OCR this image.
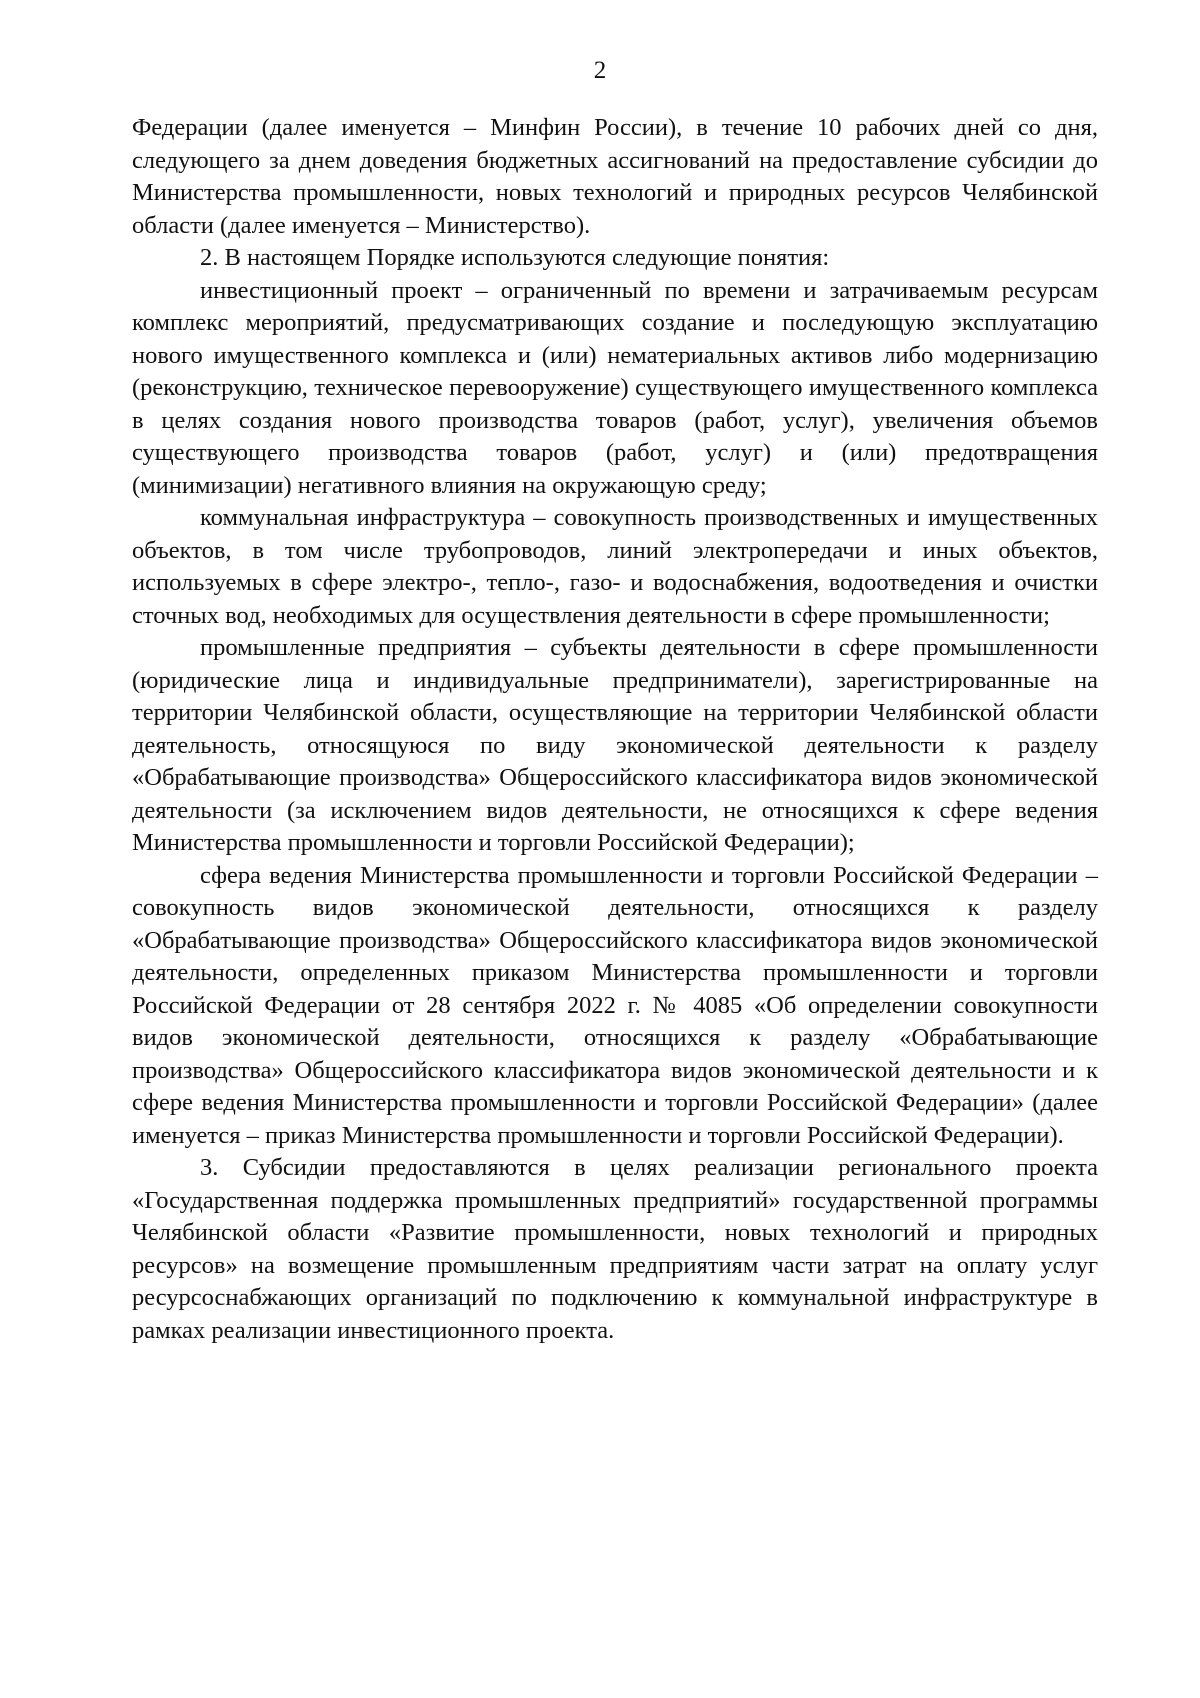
2

Федерации (далее именуется – Минфин России), в течение 10 рабочих дней со дня, следующего за днем доведения бюджетных ассигнований на предоставление субсидии до Министерства промышленности, новых технологий и природных ресурсов Челябинской области (далее именуется – Министерство).

2. В настоящем Порядке используются следующие понятия:

инвестиционный проект – ограниченный по времени и затрачиваемым ресурсам комплекс мероприятий, предусматривающих создание и последующую эксплуатацию нового имущественного комплекса и (или) нематериальных активов либо модернизацию (реконструкцию, техническое перевооружение) существующего имущественного комплекса в целях создания нового производства товаров (работ, услуг), увеличения объемов существующего производства товаров (работ, услуг) и (или) предотвращения (минимизации) негативного влияния на окружающую среду;

коммунальная инфраструктура – совокупность производственных и имущественных объектов, в том числе трубопроводов, линий электропередачи и иных объектов, используемых в сфере электро-, тепло-, газо- и водоснабжения, водоотведения и очистки сточных вод, необходимых для осуществления деятельности в сфере промышленности;

промышленные предприятия – субъекты деятельности в сфере промышленности (юридические лица и индивидуальные предприниматели), зарегистрированные на территории Челябинской области, осуществляющие на территории Челябинской области деятельность, относящуюся по виду экономической деятельности к разделу «Обрабатывающие производства» Общероссийского классификатора видов экономической деятельности (за исключением видов деятельности, не относящихся к сфере ведения Министерства промышленности и торговли Российской Федерации);

сфера ведения Министерства промышленности и торговли Российской Федерации – совокупность видов экономической деятельности, относящихся к разделу «Обрабатывающие производства» Общероссийского классификатора видов экономической деятельности, определенных приказом Министерства промышленности и торговли Российской Федерации от 28 сентября 2022 г. № 4085 «Об определении совокупности видов экономической деятельности, относящихся к разделу «Обрабатывающие производства» Общероссийского классификатора видов экономической деятельности и к сфере ведения Министерства промышленности и торговли Российской Федерации» (далее именуется – приказ Министерства промышленности и торговли Российской Федерации).

3. Субсидии предоставляются в целях реализации регионального проекта «Государственная поддержка промышленных предприятий» государственной программы Челябинской области «Развитие промышленности, новых технологий и природных ресурсов» на возмещение промышленным предприятиям части затрат на оплату услуг ресурсоснабжающих организаций по подключению к коммунальной инфраструктуре в рамках реализации инвестиционного проекта.
